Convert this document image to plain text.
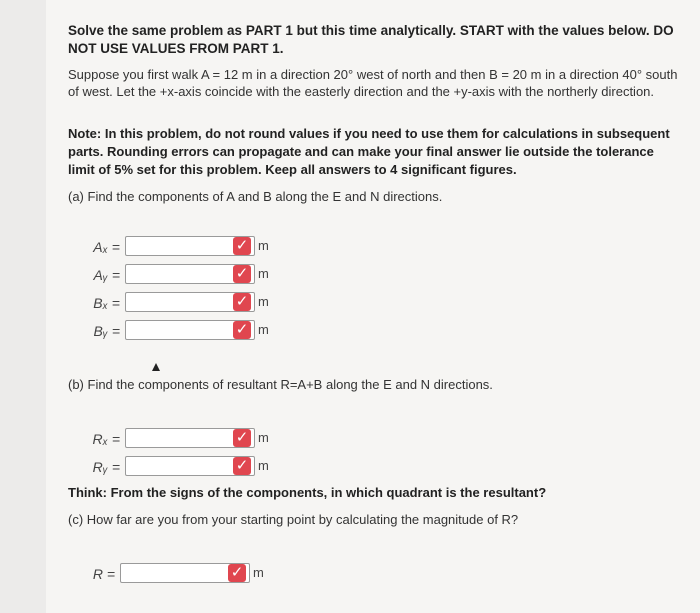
Solve the same problem as PART 1 but this time analytically. START with the values below. DO NOT USE VALUES FROM PART 1.
Suppose you first walk A = 12 m in a direction 20° west of north and then B = 20 m in a direction 40° south of west. Let the +x-axis coincide with the easterly direction and the +y-axis with the northerly direction.
Note: In this problem, do not round values if you need to use them for calculations in subsequent parts. Rounding errors can propagate and can make your final answer lie outside the tolerance limit of 5% set for this problem. Keep all answers to 4 significant figures.
(a) Find the components of A and B along the E and N directions.
Aₓ =	✓ m
Aᵧ =	✓ m
Bₓ =	✓ m
Bᵧ =	✓ m
(b) Find the components of resultant R=A+B along the E and N directions.
Rₓ =	✓ m
Rᵧ =	✓ m
Think: From the signs of the components, in which quadrant is the resultant?
(c) How far are you from your starting point by calculating the magnitude of R?
R =	✓ m
